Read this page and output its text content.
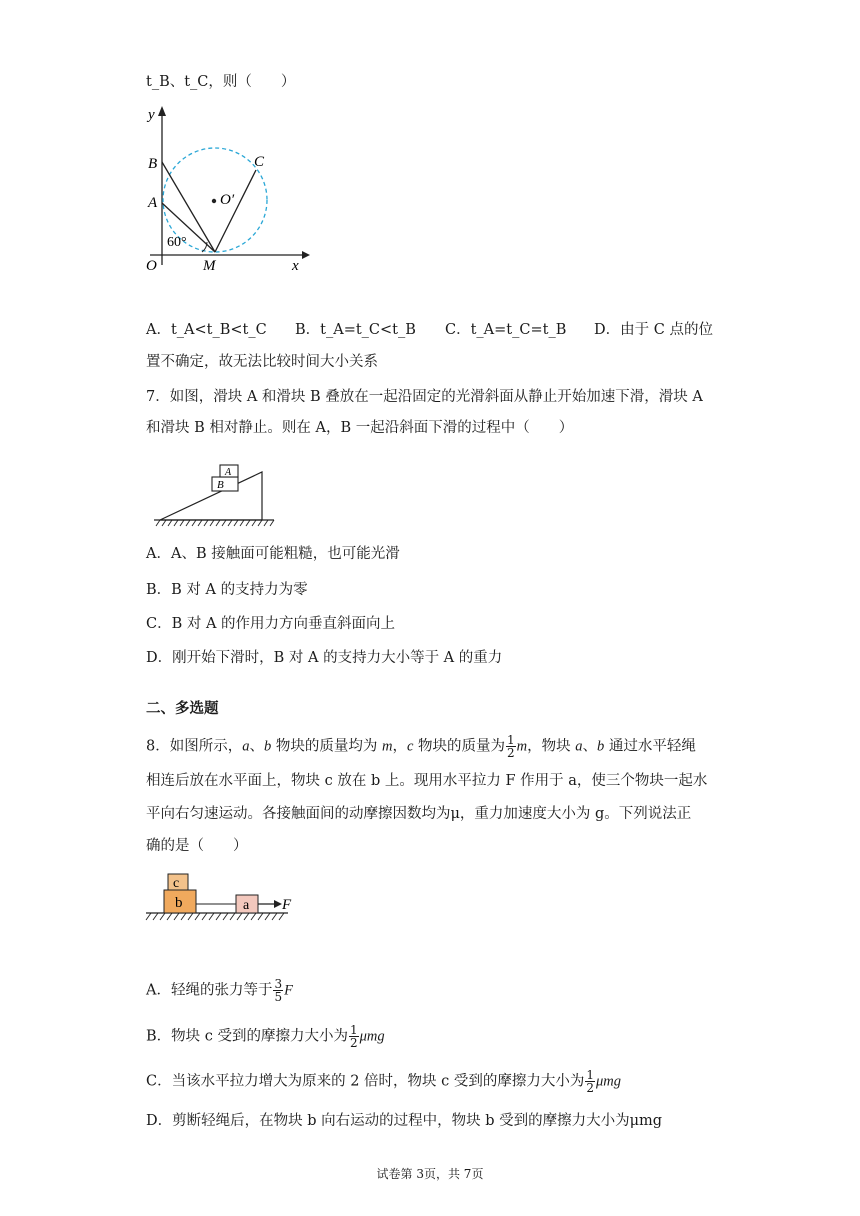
t_B、t_C，则（　　）
y
x
O	M
A
B	C
O′
60°
A．t_A<t_B<t_C B．t_A=t_C<t_B C．t_A=t_C=t_B D．由于 C 点的位
置不确定，故无法比较时间大小关系
7．如图，滑块 A 和滑块 B 叠放在一起沿固定的光滑斜面从静止开始加速下滑，滑块 A
和滑块 B 相对静止。则在 A，B 一起沿斜面下滑的过程中（　　）
B
A
A．A、B 接触面可能粗糙，也可能光滑
B．B 对 A 的支持力为零
C．B 对 A 的作用力方向垂直斜面向上
D．刚开始下滑时，B 对 A 的支持力大小等于 A 的重力
二、多选题
8．如图所示，a、b 物块的质量均为 m，c 物块的质量为 $\frac{1}{2}$ m，物块 a、b 通过水平轻绳
相连后放在水平面上，物块 c 放在 b 上。现用水平拉力 F 作用于 a，使三个物块一起水
平向右匀速运动。各接触面间的动摩擦因数均为μ，重力加速度大小为 g。下列说法正
确的是（　　）
c
b	a F
A．轻绳的张力等于 $\frac{3}{5}$ F
B．物块 c 受到的摩擦力大小为 $\frac{1}{2}$ μmg
C．当该水平拉力增大为原来的 2 倍时，物块 c 受到的摩擦力大小为 $\frac{1}{2}$ μmg
D．剪断轻绳后，在物块 b 向右运动的过程中，物块 b 受到的摩擦力大小为μmg
试卷第 3页，共 7页
